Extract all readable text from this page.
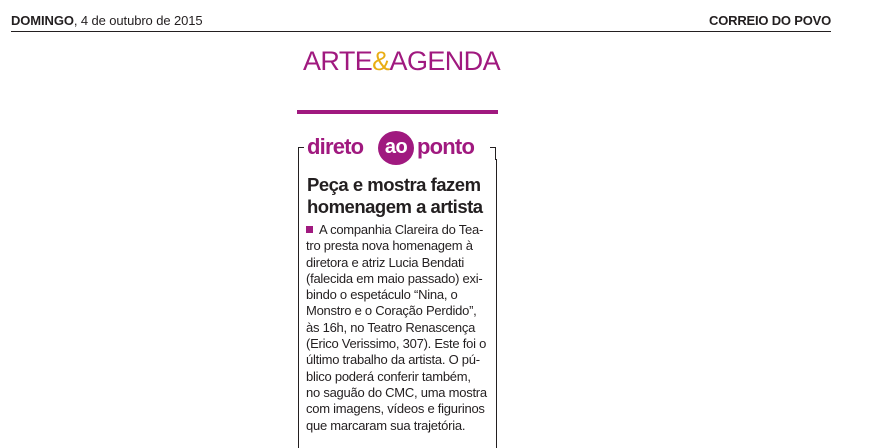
DOMINGO, 4 de outubro de 2015	CORREIO DO POVO
ARTE&AGENDA
direto	ao ponto
Peça e mostra fazem
homenagem a artista
A companhia Clareira do Tea-
tro presta nova homenagem à
diretora e atriz Lucia Bendati
(falecida em maio passado) exi-
bindo o espetáculo “Nina, o
Monstro e o Coração Perdido”,
às 16h, no Teatro Renascença
(Erico Verissimo, 307). Este foi o
último trabalho da artista. O pú-
blico poderá conferir também,
no saguão do CMC, uma mostra
com imagens, vídeos e figurinos
que marcaram sua trajetória.
